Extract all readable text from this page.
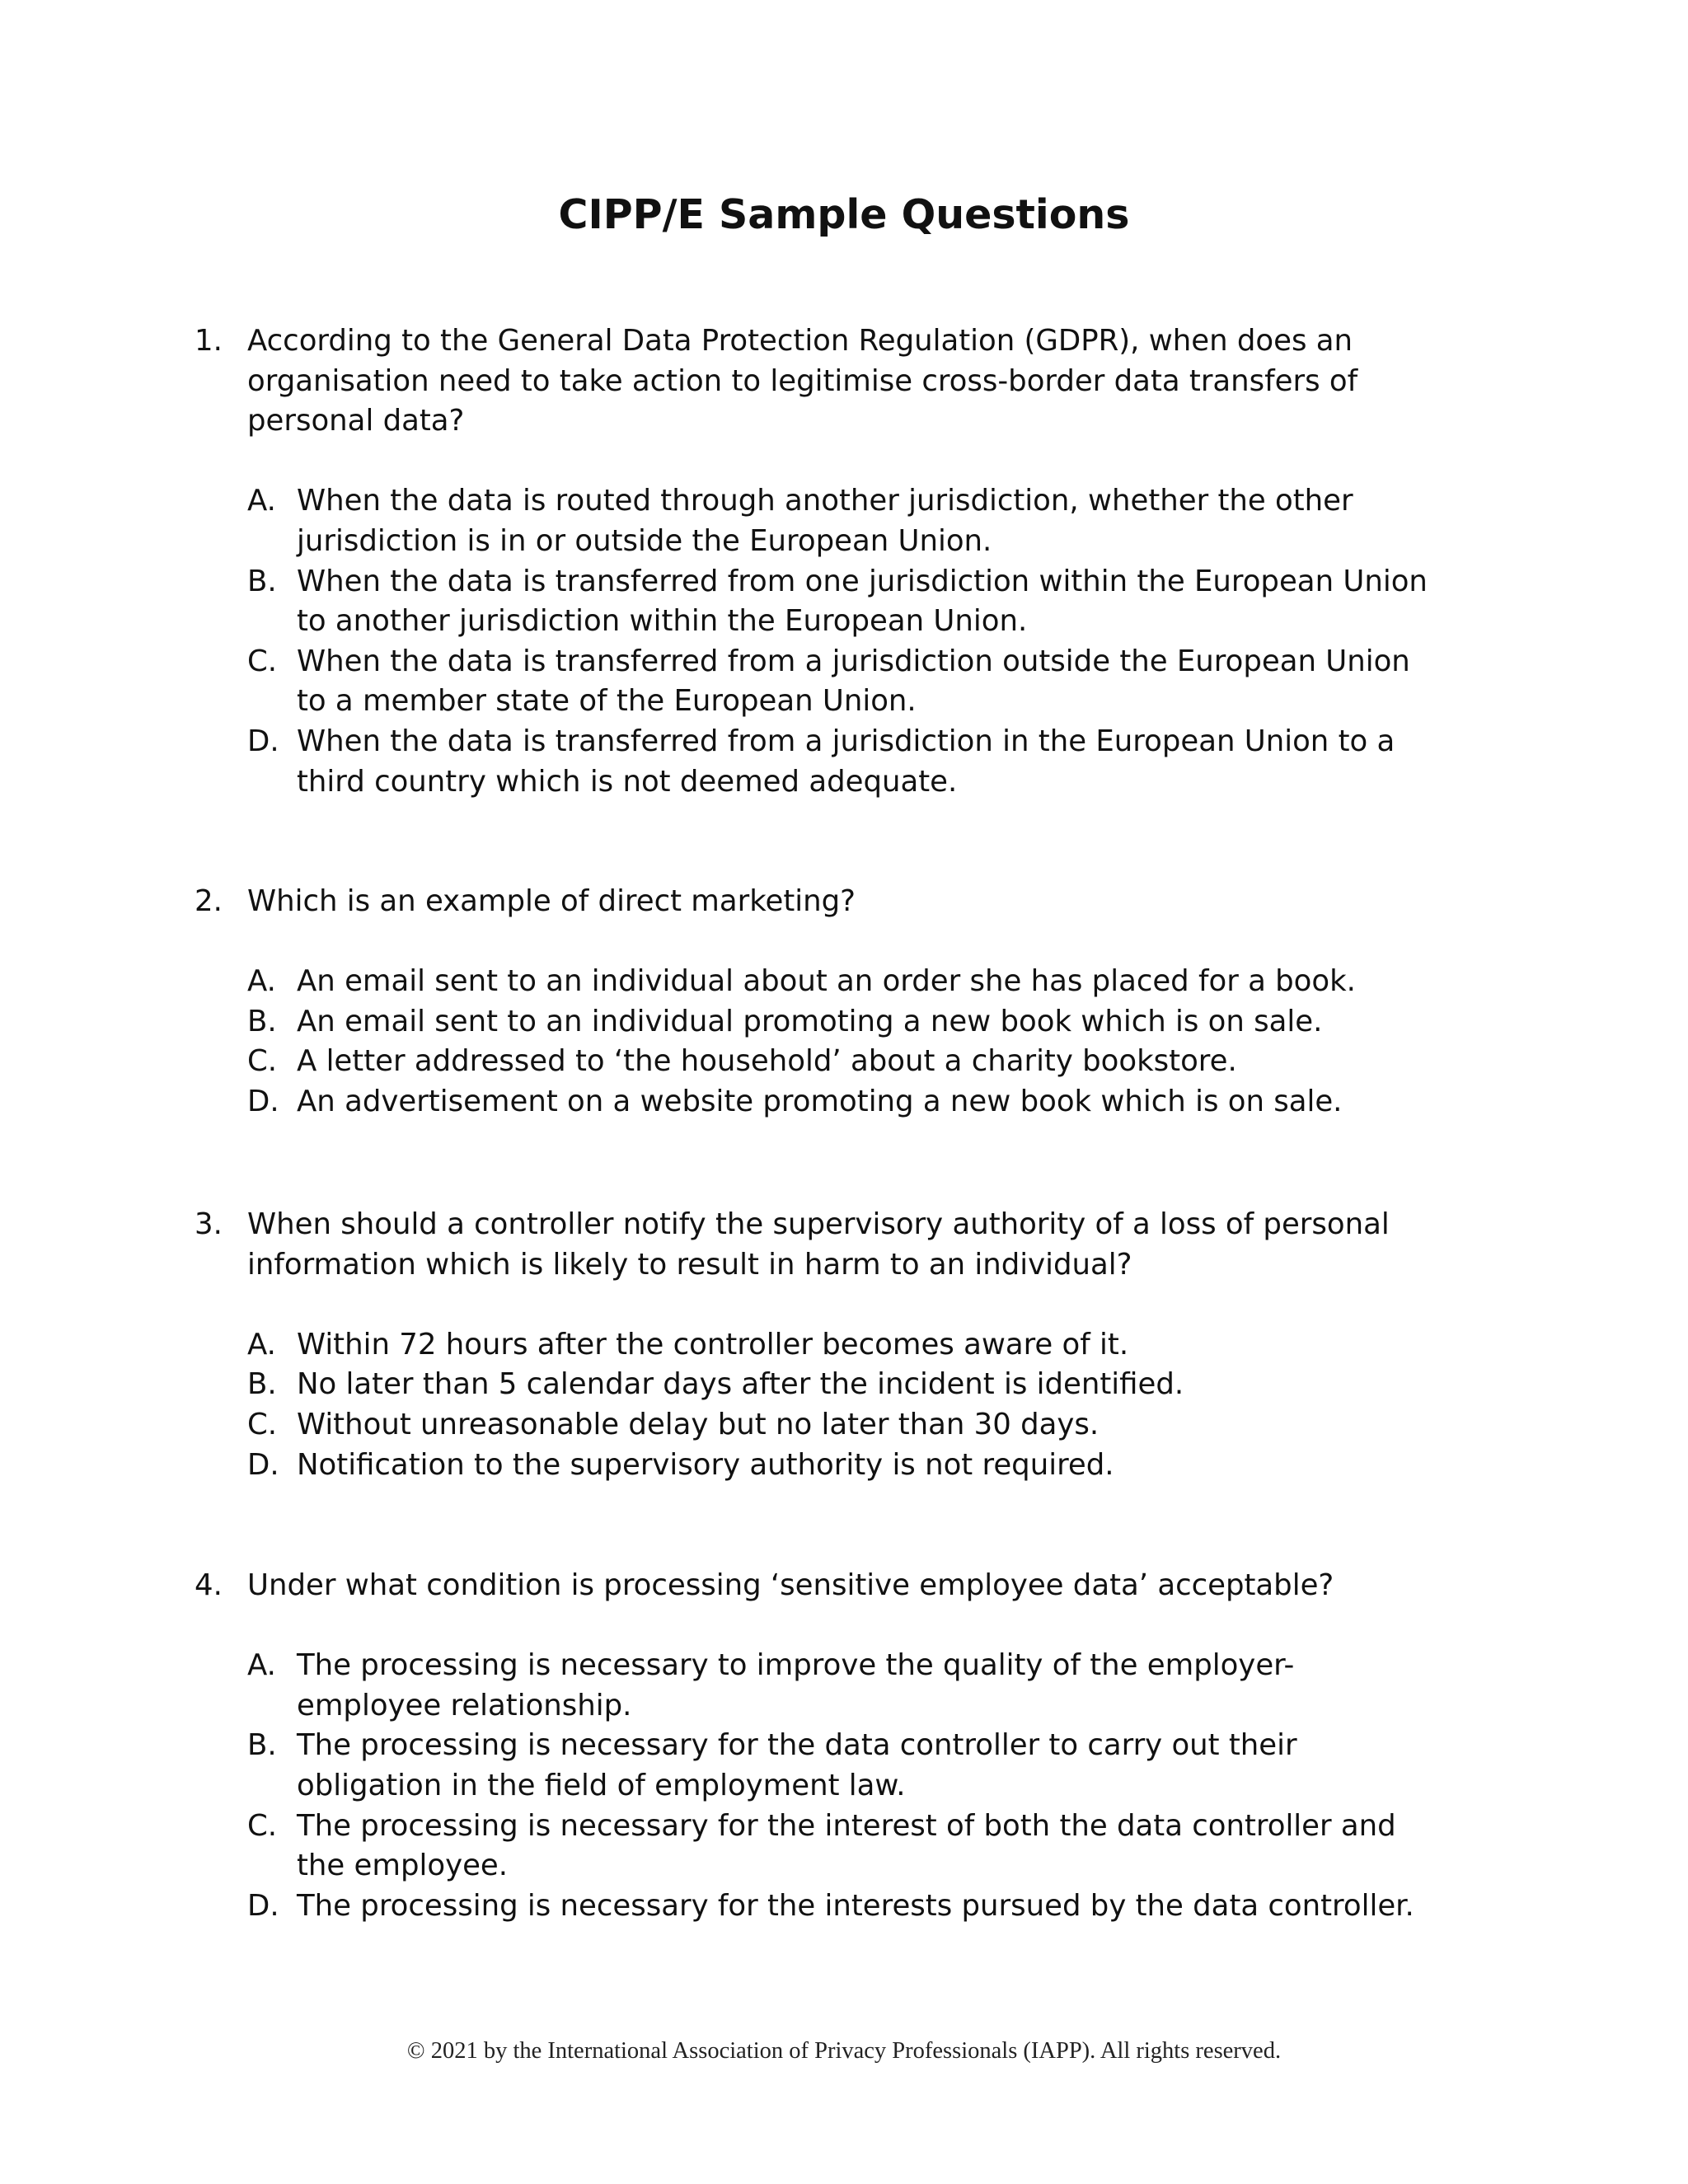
CIPP/E Sample Questions
1. According to the General Data Protection Regulation (GDPR), when does an organisation need to take action to legitimise cross-border data transfers of personal data?
A. When the data is routed through another jurisdiction, whether the other jurisdiction is in or outside the European Union.
B. When the data is transferred from one jurisdiction within the European Union to another jurisdiction within the European Union.
C. When the data is transferred from a jurisdiction outside the European Union to a member state of the European Union.
D. When the data is transferred from a jurisdiction in the European Union to a third country which is not deemed adequate.
2. Which is an example of direct marketing?
A. An email sent to an individual about an order she has placed for a book.
B. An email sent to an individual promoting a new book which is on sale.
C. A letter addressed to ‘the household’ about a charity bookstore.
D. An advertisement on a website promoting a new book which is on sale.
3. When should a controller notify the supervisory authority of a loss of personal information which is likely to result in harm to an individual?
A. Within 72 hours after the controller becomes aware of it.
B. No later than 5 calendar days after the incident is identified.
C. Without unreasonable delay but no later than 30 days.
D. Notification to the supervisory authority is not required.
4. Under what condition is processing ‘sensitive employee data’ acceptable?
A. The processing is necessary to improve the quality of the employer-employee relationship.
B. The processing is necessary for the data controller to carry out their obligation in the field of employment law.
C. The processing is necessary for the interest of both the data controller and the employee.
D. The processing is necessary for the interests pursued by the data controller.
© 2021 by the International Association of Privacy Professionals (IAPP). All rights reserved.
